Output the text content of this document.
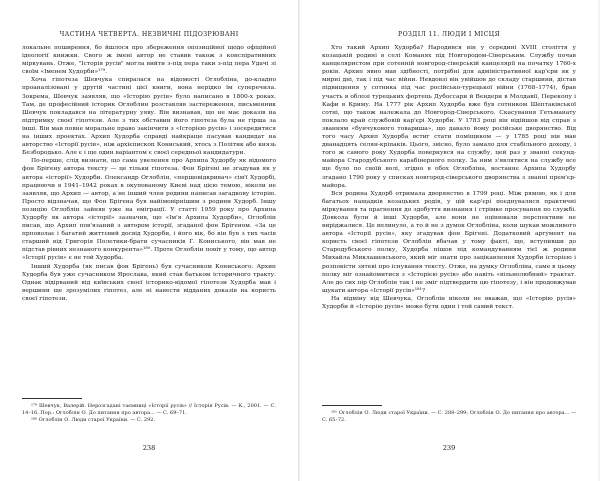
ЧАСТИНА ЧЕТВЕРТА. НЕЗВИЧНІ ПІДОЗРЮВАНІ

локальне поширення, бо йшлося про збереження опозиційної щодо офіційної ідеології книжки. Свого ж імені автор не ставив також з конспіративних міркувань. Отже, "Історія русів" могла вийти з-під пера таки з-під пера Удачі зі своїм «Іменем Худорби»¹⁷⁹.

Хоча гіпотеза Шевчука спиралася на відомості Оглобліна, до-кладно проаналізовані у другій частині цієї книги, вона нерідко їм суперечила. Зокрема, Шевчук заявляв, що «Історію русів» було написано в 1800-х роках. Там, де професійний історик Оглоблин розставляв застереження, письменник Шевчук покладався на літературну уяву. Він визнавав, що не має доказів на підтримку своєї гіпотези. Але з тих обставин його гіпотеза була не гірша за інші. Він мав повне моральне право закінчити з «Історією русів» і зосередитися на інших проектах. Архип Худорба справді найкраще пасував кандидат на авторство «Історії русів», ніж архієпископ Кониський, хтось з Політик або князь Безбородько. Але є і ще один варіантом є своєї середньої кандидатури.

По-перше, слід визнати, що сама увелення про Архипа Худорбу як відомого фон Брігену автора тексту — це тільки гіпотеза. Фон Брігені не згадував як у автора «історії» Худорби. Олександр Оглоблін, «першовідкривач» сім'ї Худорбі, працюючи в 1941–1942 роках в окупованому Києві над цією темою, ніколи не заявляв, що Архип — автор, а не інший член родини написав загадкову історію. Просто відзначав, що Фон Брігена був найімовірнішим з родини Худорб. Іншу позицію Оглоблін зайняв уже на еміграції. У статті 1959 року про Архипа Худорбу як автора «історії» зазначив, що «Ім'я Архипа Худорби», Оглоблін писав, що Архип пов'язаний з автором історії, згаданої фон Брігеном. «За це прповолає і багатий життєвий досвід Худорби, і його вік, бо він був з тих часів старший від Григорія Полетики-брати сучасників Г. Кониського, він мав не підстав рівних незнаного конкурента»¹⁸⁰. Проте Оглоблін повіт у тому, що автор «Історії русів» є не той Худорба.

Інший Худорба (як писав фон Брігень) був сучасником Кониського. Архип Худорба був уже сучасником Ярослава, який став батьком історичного тракту. Однак відірваний від київських своєї історико-відомої гіпотези Худорба мав і вершини ще зрозумілих гіпотез, але ні навести відданих доказів на користь своєї гіпотези.

¹⁷⁹ Шевчук, Валерій. Нерозгадані таємниці «Історії русів» // Історія Русів. — К., 2001. — С. 14–16. Пор.: Оглоблін О. До питання про автора... — С. 69–71.

¹⁸⁰ Оглоблін О. Люди старої України. — С. 292.

238
РОЗДІЛ 11. ЛЮДИ І МІСЦЯ

Хто такий Архип Худорба? Народився він у середині XVIII століття у козацькій родині в селі Команях під Новгородом-Сіверським. Службу почав канцеляристом при сотенній новгород-сіверській канцелярії на початку 1760-х років. Архип явно мав здібності, потрібні для адміністративної кар'єри як у мирні дні, так і під час війни. Невдовзі він увійшов до складу старшини, дістав підвищення у сотника під час російсько-турецької війни (1768–1774), брав участь в облозі турецьких фортець Дубоссари й Вендери в Молдавії, Перекопу і Кафи в Криму. На 1777 рік Архип Худорба вже був сотником Шептаківської сотні, що також належала до Новгород-Сіверського. Скасування Гетьманату поклало край службовій кар'єрі Худорби. У 1783 році він відійшов від справ з званням «бунчукового товариша», що давало йому російське дворянство. Від того часу Архип Худорба встиг стати поміщиком — у 1785 році він мав дванадцять селян-кріпаків. Цього, звісно, було замало для стабільного доходу, і того ж самого року Худорба повернувся на службу, цей раз у званні секунд-майора Стародубського карабінерного полку. За ним з'являтися на службу все ще було по своїй волі, згідно в обох Оглобліна, востаннє Архипа Худорбу згадано 1790 року у списках новгород-сіверського дворянства з званні прем'єр-майора.

Вся родина Худорб отримала дворянство в 1799 році. Між рямою, як і для багатьох нащадків козацьких родів, у цій кар'єрі поєднувалися практичні міркування та прагнення до здобуття визнання і стрімке просування по службі. Довкола були й інші Худорби, але вони не оцінювали перспективи не виріджалися. Це вплинуло, а то й не з думок Оглобліна, коли шукав можливого автора «Історії русів», яку згадував фон Брігені. Додатковий аргумент на користь своєї гіпотези Оглоблін вбачав у тому факті, що, вступивши до Стародубського полку, Худорба пішов під командуванням тієї ж родини Михайла Миклашевського, який міг знати про зацікавлення Худорби історією і розповісти зятеві про існування тексту. Отже, на думку Оглобліна, саме в цьому полку міг ознайомитися з «Історією русів» або навіть «вільнолюбний» трактат. Але до сих пір Оглоблін так і не зміг підтвердити цю гіпотезу, і він продовжував шукати автора «Історії русів»¹⁸¹?

На відміну від Шевчука, Оглоблін ніколи не вважав, що «Історію русів» Худорби й «Історію русів» може бути один і той самий текст.

¹⁸¹ Оглоблін О. Люди старої України. — С. 288–299; Оглоблін О. До питання про автора... — С. 65–72.

239
